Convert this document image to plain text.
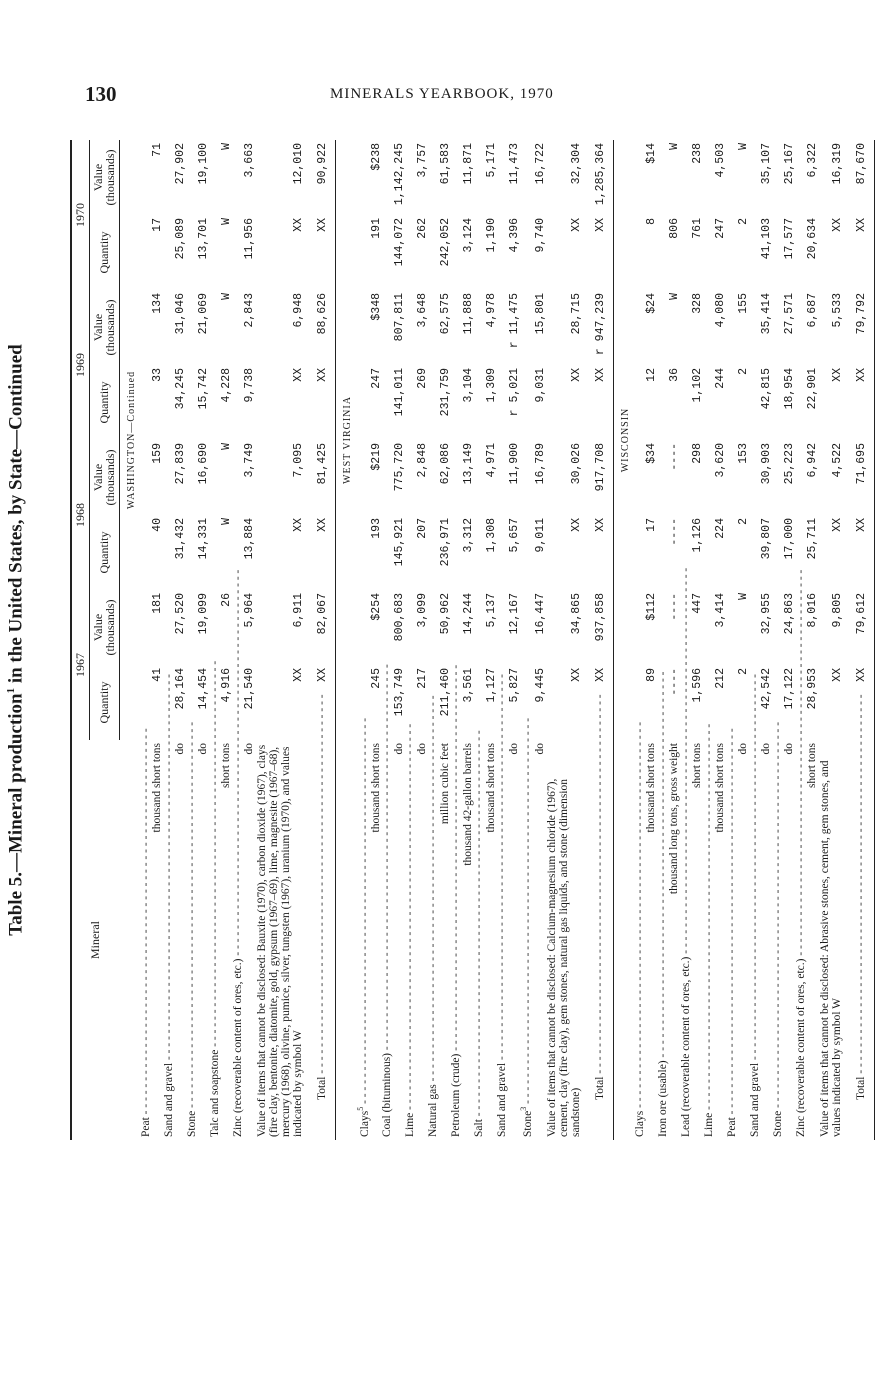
130	MINERALS YEARBOOK, 1970
Table 5.—Mineral production$^1$ in the United States, by State—Continued
Mineral	1967		1968		1969		1970	
	Quantity	Value (thousands)	Quantity	Value (thousands)	Quantity	Value (thousands)	Quantity	Value (thousands)
	WASHINGTON—Continued							
Peat - - - - - - - - - - - - - - - - - - - - - - - - - - - - - - - - - - - - - - - - - - - - - - - - - - - - - - - - - - thousand short tons	41	181	40	159	33	134	17	71
Sand and gravel - - - - - - - - - - - - - - - - - - - - - - - - - - - - - - - - - - - - - - - - - - - - - - - - - - - - - - - - - - do	28,164	27,520	31,432	27,839	34,245	31,046	25,089	27,902
Stone - - - - - - - - - - - - - - - - - - - - - - - - - - - - - - - - - - - - - - - - - - - - - - - - - - - - - - - - - - do	14,454	19,099	14,331	16,690	15,742	21,069	13,701	19,100
Talc and soapstone - - - - - - - - - - - - - - - - - - - - - - - - - - - - - - - - - - - - - - - - - - - - - - - - - - - - - - - - - - short tons	4,916	26	W	W	4,228	W	W	W
Zinc (recoverable content of ores, etc.) - - - - - - - - - - - - - - - - - - - - - - - - - - - - - - - - - - - - - - - - - - - - - - - - - - - - - - - - - - do	21,540	5,964	13,884	3,749	9,738	2,843	11,956	3,663
Value of items that cannot be disclosed: Bauxite (1970), carbon dioxide (1967), clays (fire clay, bentonite, diatomite, gold, gypsum (1967–69), lime, magnesite (1967–68), mercury (1968), olivine, pumice, silver, tungsten (1967), uranium (1970), and values indicated by symbol W	XX	6,911	XX	7,095	XX	6,948	XX	12,010

Total - - - - - - - - - - - - - - - - - - - - - - - - - - - - - - - - - - - - - - - - - - - - - - - - - - - - - - - - -	XX	82,067	XX	81,425	XX	88,626	XX	90,922
	WEST VIRGINIA							
Clays$^5$ - - - - - - - - - - - - - - - - - - - - - - - - - - - - - - - - - - - - - - - - - - - - - - - - - - - - - - - - - - thousand short tons	245	$254	193	$219	247	$348	191	$238
Coal (bituminous) - - - - - - - - - - - - - - - - - - - - - - - - - - - - - - - - - - - - - - - - - - - - - - - - - - - - - - - - - - do	153,749	800,683	145,921	775,720	141,011	807,811	144,072	1,142,245
Lime - - - - - - - - - - - - - - - - - - - - - - - - - - - - - - - - - - - - - - - - - - - - - - - - - - - - - - - - - - do	217	3,099	207	2,848	269	3,648	262	3,757
Natural gas - - - - - - - - - - - - - - - - - - - - - - - - - - - - - - - - - - - - - - - - - - - - - - - - - - - - - - - - - - million cubic feet	211,460	50,962	236,971	62,086	231,759	62,575	242,052	61,583
Petroleum (crude) - - - - - - - - - - - - - - - - - - - - - - - - - - - - - - - - - - - - - - - - - - - - - - - - - - - - - - - - - - thousand 42-gallon barrels	3,561	14,244	3,312	13,149	3,104	11,888	3,124	11,871
Salt - - - - - - - - - - - - - - - - - - - - - - - - - - - - - - - - - - - - - - - - - - - - - - - - - - - - - - - - - - thousand short tons	1,127	5,137	1,308	4,971	1,309	4,978	1,190	5,171
Sand and gravel - - - - - - - - - - - - - - - - - - - - - - - - - - - - - - - - - - - - - - - - - - - - - - - - - - - - - - - - - - do	5,827	12,167	5,657	11,900	r 5,021	r 11,475	4,396	11,473
Stone$^3$ - - - - - - - - - - - - - - - - - - - - - - - - - - - - - - - - - - - - - - - - - - - - - - - - - - - - - - - - - - do	9,445	16,447	9,011	16,789	9,031	15,801	9,740	16,722
Value of items that cannot be disclosed: Calcium-magnesium chloride (1967), cement, clay (fire clay), gem stones, natural gas liquids, and stone (dimension sandstone)	XX	34,865	XX	30,026	XX	28,715	XX	32,304

Total - - - - - - - - - - - - - - - - - - - - - - - - - - - - - - - - - - - - - - - - - - - - - - - - - - - - - - - - -	XX	937,858	XX	917,708	XX	r 947,239	XX	1,285,364
	WISCONSIN							
Clays - - - - - - - - - - - - - - - - - - - - - - - - - - - - - - - - - - - - - - - - - - - - - - - - - - - - - - - - - - thousand short tons	89	$112	17	$34	12	$24	8	$14
Iron ore (usable) - - - - - - - - - - - - - - - - - - - - - - - - - - - - - - - - - - - - - - - - - - - - - - - - - - - - - - - - - - thousand long tons, gross weight	----	----	----	----	36	W	806	W
Lead (recoverable content of ores, etc.) - - - - - - - - - - - - - - - - - - - - - - - - - - - - - - - - - - - - - - - - - - - - - - - - - - - - - - - - - - short tons	1,596	447	1,126	298	1,102	328	761	238
Lime - - - - - - - - - - - - - - - - - - - - - - - - - - - - - - - - - - - - - - - - - - - - - - - - - - - - - - - - - - thousand short tons	212	3,414	224	3,620	244	4,080	247	4,503
Peat - - - - - - - - - - - - - - - - - - - - - - - - - - - - - - - - - - - - - - - - - - - - - - - - - - - - - - - - - - do	2	W	2	153	2	155	2	W
Sand and gravel - - - - - - - - - - - - - - - - - - - - - - - - - - - - - - - - - - - - - - - - - - - - - - - - - - - - - - - - - - do	42,542	32,955	39,807	30,903	42,815	35,414	41,103	35,107
Stone - - - - - - - - - - - - - - - - - - - - - - - - - - - - - - - - - - - - - - - - - - - - - - - - - - - - - - - - - - do	17,122	24,863	17,000	25,223	18,954	27,571	17,577	25,167
Zinc (recoverable content of ores, etc.) - - - - - - - - - - - - - - - - - - - - - - - - - - - - - - - - - - - - - - - - - - - - - - - - - - - - - - - - - - short tons	28,953	8,016	25,711	6,942	22,901	6,687	20,634	6,322
Value of items that cannot be disclosed: Abrasive stones, cement, gem stones, and values indicated by symbol W	XX	9,805	XX	4,522	XX	5,533	XX	16,319

Total - - - - - - - - - - - - - - - - - - - - - - - - - - - - - - - - - - - - - - - - - - - - - - - - - - - - - - - - -	XX	79,612	XX	71,695	XX	79,792	XX	87,670
